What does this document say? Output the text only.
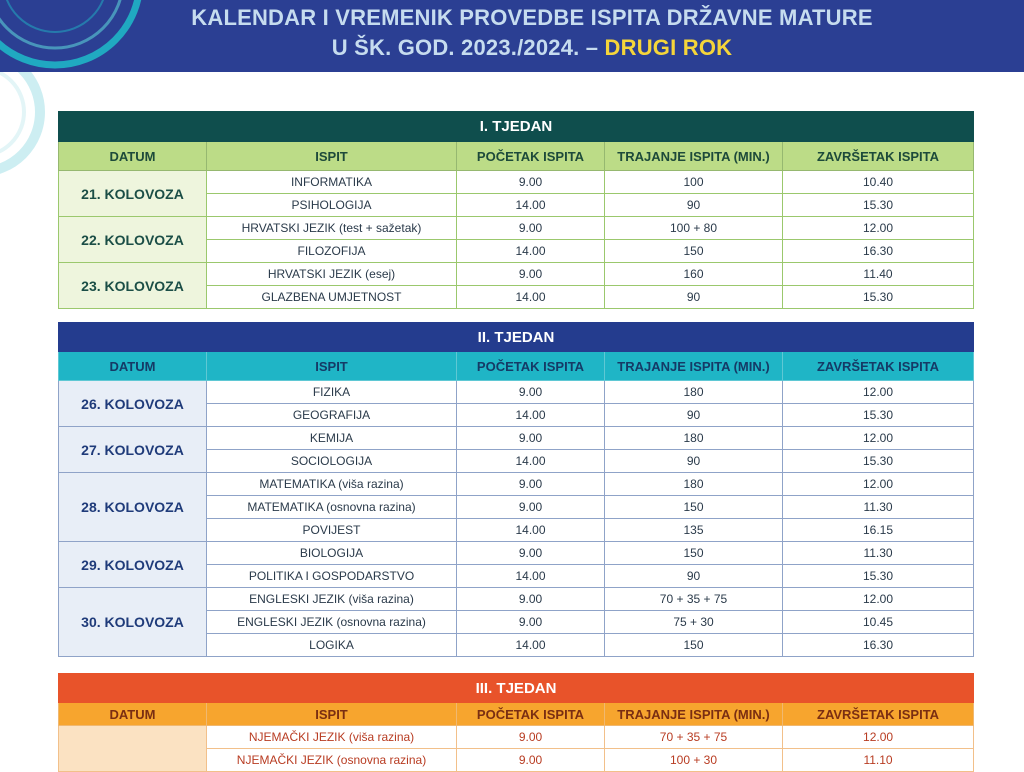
KALENDAR I VREMENIK PROVEDBE ISPITA DRŽAVNE MATURE
U ŠK. GOD. 2023./2024. – DRUGI ROK
I. TJEDAN				
DATUM	ISPIT	POČETAK ISPITA	TRAJANJE ISPITA (MIN.)	ZAVRŠETAK ISPITA
21. KOLOVOZA	INFORMATIKA	9.00	100	10.40
	PSIHOLOGIJA	14.00	90	15.30
22. KOLOVOZA	HRVATSKI JEZIK (test + sažetak)	9.00	100 + 80	12.00
	FILOZOFIJA	14.00	150	16.30
23. KOLOVOZA	HRVATSKI JEZIK (esej)	9.00	160	11.40
	GLAZBENA UMJETNOST	14.00	90	15.30
II. TJEDAN				
DATUM	ISPIT	POČETAK ISPITA	TRAJANJE ISPITA (MIN.)	ZAVRŠETAK ISPITA
26. KOLOVOZA	FIZIKA	9.00	180	12.00
	GEOGRAFIJA	14.00	90	15.30
27. KOLOVOZA	KEMIJA	9.00	180	12.00
	SOCIOLOGIJA	14.00	90	15.30
28. KOLOVOZA	MATEMATIKA (viša razina)	9.00	180	12.00
	MATEMATIKA (osnovna razina)	9.00	150	11.30
	POVIJEST	14.00	135	16.15
29. KOLOVOZA	BIOLOGIJA	9.00	150	11.30
	POLITIKA I GOSPODARSTVO	14.00	90	15.30
30. KOLOVOZA	ENGLESKI JEZIK (viša razina)	9.00	70 + 35 + 75	12.00
	ENGLESKI JEZIK (osnovna razina)	9.00	75 + 30	10.45
	LOGIKA	14.00	150	16.30
III. TJEDAN				
DATUM	ISPIT	POČETAK ISPITA	TRAJANJE ISPITA (MIN.)	ZAVRŠETAK ISPITA
	NJEMAČKI JEZIK (viša razina)	9.00	70 + 35 + 75	12.00
	NJEMAČKI JEZIK (osnovna razina)	9.00	100 + 30	11.10
